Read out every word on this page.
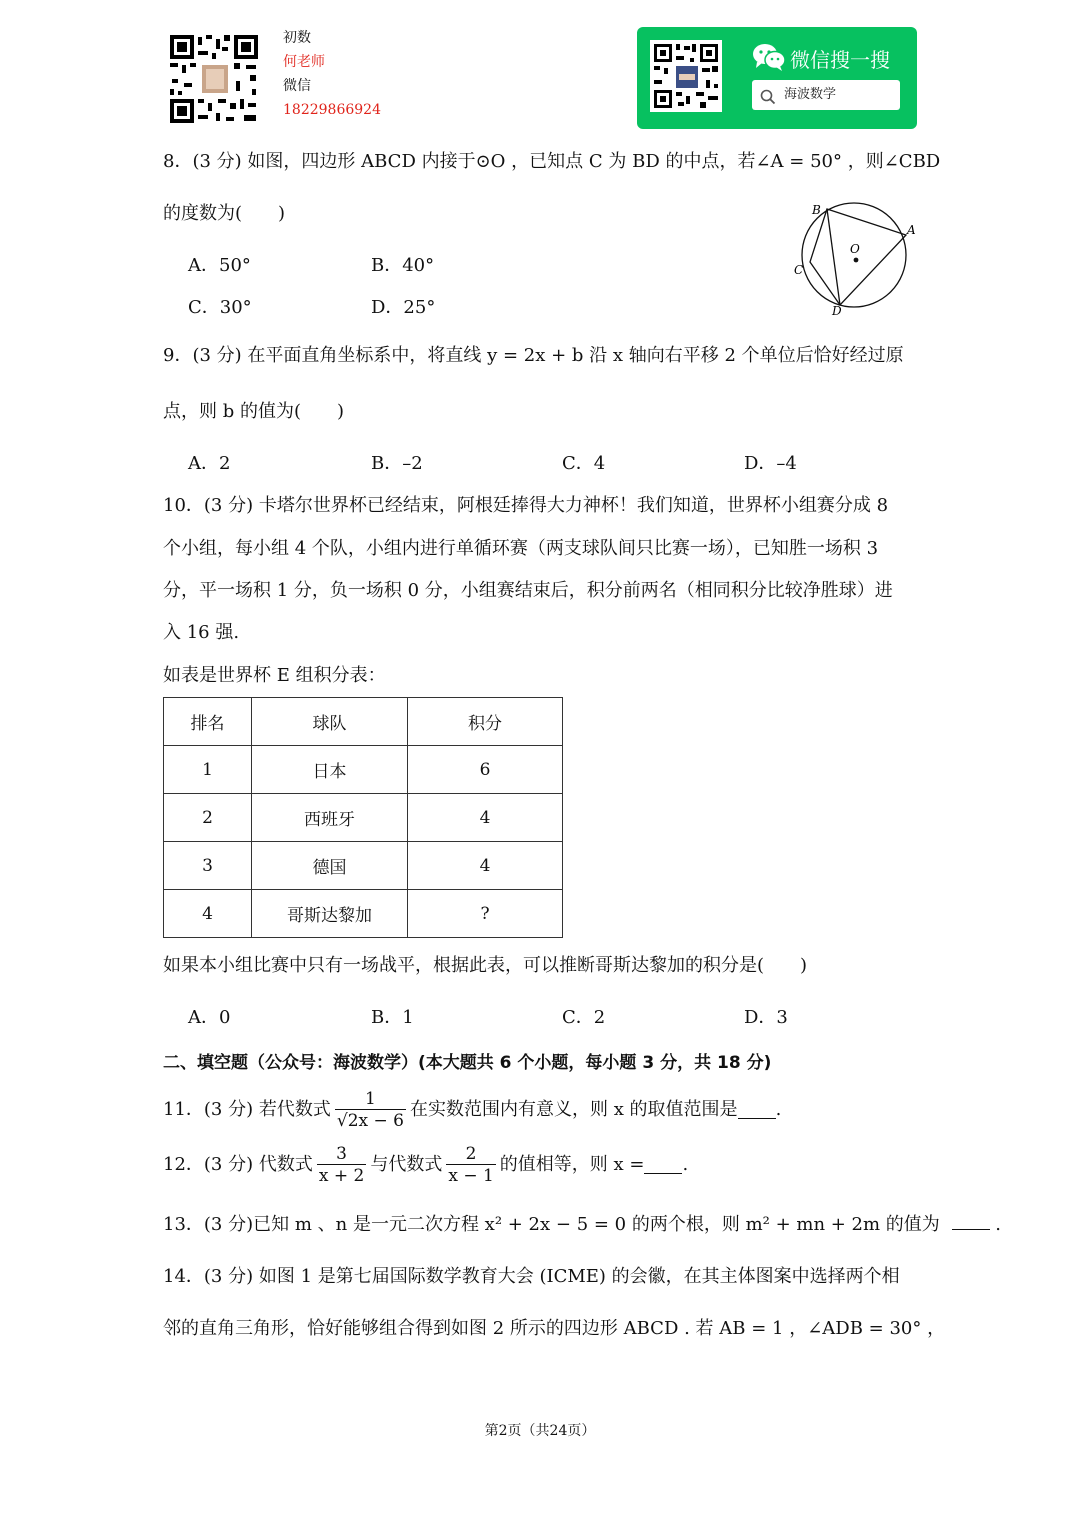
初数
何老师
微信
18229866924
微信搜一搜
海波数学
8．(3 分) 如图，四边形 ABCD 内接于⊙O ，已知点 C 为 BD 的中点，若∠A = 50° ，则∠CBD
的度数为(　　)
A．50°	B．40°
C．30°	D．25°
B
A
C
D
O
9．(3 分) 在平面直角坐标系中，将直线 y = 2x + b 沿 x 轴向右平移 2 个单位后恰好经过原
点，则 b 的值为(　　)
A．2	B．–2	C．4	D．–4
10．(3 分) 卡塔尔世界杯已经结束，阿根廷捧得大力神杯！我们知道，世界杯小组赛分成 8
个小组，每小组 4 个队，小组内进行单循环赛（两支球队间只比赛一场），已知胜一场积 3
分，平一场积 1 分，负一场积 0 分，小组赛结束后，积分前两名（相同积分比较净胜球）进
入 16 强.
如表是世界杯 E 组积分表：
排名	球队	积分
1	日本	6
2	西班牙	4
3	德国	4
4	哥斯达黎加	?
如果本小组比赛中只有一场战平，根据此表，可以推断哥斯达黎加的积分是(　　)
A．0	B．1	C．2	D．3
二、填空题（公众号：海波数学）(本大题共 6 个小题，每小题 3 分，共 18 分)
11．(3 分) 若代数式 $\frac{1}{√2x - 6}$ 在实数范围内有意义，则 x 的取值范围是 .
12．(3 分) 代数式 $\frac{3}{x + 2}$ 与代数式 $\frac{2}{x - 1}$ 的值相等，则 x = .
13．(3 分)已知 m 、n 是一元二次方程 x² + 2x − 5 = 0 的两个根，则 m² + mn + 2m 的值为	.
14．(3 分) 如图 1 是第七届国际数学教育大会 (ICME) 的会徽，在其主体图案中选择两个相
邻的直角三角形，恰好能够组合得到如图 2 所示的四边形 ABCD . 若 AB = 1 ，∠ADB = 30° ，
第2页（共24页）
